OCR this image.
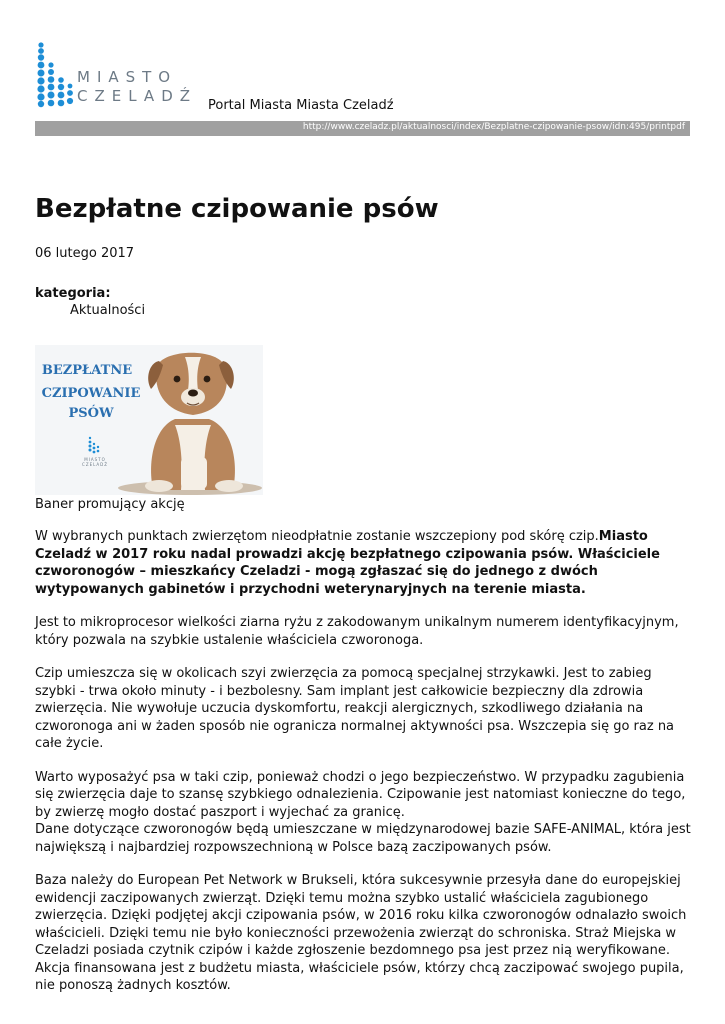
MIASTO
CZELADŹ
Portal Miasta Miasta Czeladź
http://www.czeladz.pl/aktualnosci/index/Bezplatne-czipowanie-psow/idn:495/printpdf
Bezpłatne czipowanie psów
06 lutego 2017
kategoria:
Aktualności
BEZPŁATNE
CZIPOWANIE
PSÓW
MIASTO
CZELADŹ
Baner promujący akcję

W wybranych punktach zwierzętom nieodpłatnie zostanie wszczepiony pod skórę czip.Miasto Czeladź w 2017 roku nadal prowadzi akcję bezpłatnego czipowania psów. Właściciele czworonogów – mieszkańcy Czeladzi - mogą zgłaszać się do jednego z dwóch wytypowanych gabinetów i przychodni weterynaryjnych na terenie miasta.

Jest to mikroprocesor wielkości ziarna ryżu z zakodowanym unikalnym numerem identyfikacyjnym, który pozwala na szybkie ustalenie właściciela czworonoga.

Czip umieszcza się w okolicach szyi zwierzęcia za pomocą specjalnej strzykawki. Jest to zabieg szybki - trwa około minuty - i bezbolesny. Sam implant jest całkowicie bezpieczny dla zdrowia zwierzęcia. Nie wywołuje uczucia dyskomfortu, reakcji alergicznych, szkodliwego działania na czworonoga ani w żaden sposób nie ogranicza normalnej aktywności psa. Wszczepia się go raz na całe życie.

Warto wyposażyć psa w taki czip, ponieważ chodzi o jego bezpieczeństwo. W przypadku zagubienia się zwierzęcia daje to szansę szybkiego odnalezienia. Czipowanie jest natomiast konieczne do tego, by zwierzę mogło dostać paszport i wyjechać za granicę.
Dane dotyczące czworonogów będą umieszczane w międzynarodowej bazie SAFE-ANIMAL, która jest największą i najbardziej rozpowszechnioną w Polsce bazą zaczipowanych psów.

Baza należy do European Pet Network w Brukseli, która sukcesywnie przesyła dane do europejskiej ewidencji zaczipowanych zwierząt. Dzięki temu można szybko ustalić właściciela zagubionego zwierzęcia. Dzięki podjętej akcji czipowania psów, w 2016 roku kilka czworonogów odnalazło swoich właścicieli. Dzięki temu nie było konieczności przewożenia zwierząt do schroniska. Straż Miejska w Czeladzi posiada czytnik czipów i każde zgłoszenie bezdomnego psa jest przez nią weryfikowane.
Akcja finansowana jest z budżetu miasta, właściciele psów, którzy chcą zaczipować swojego pupila, nie ponoszą żadnych kosztów.
